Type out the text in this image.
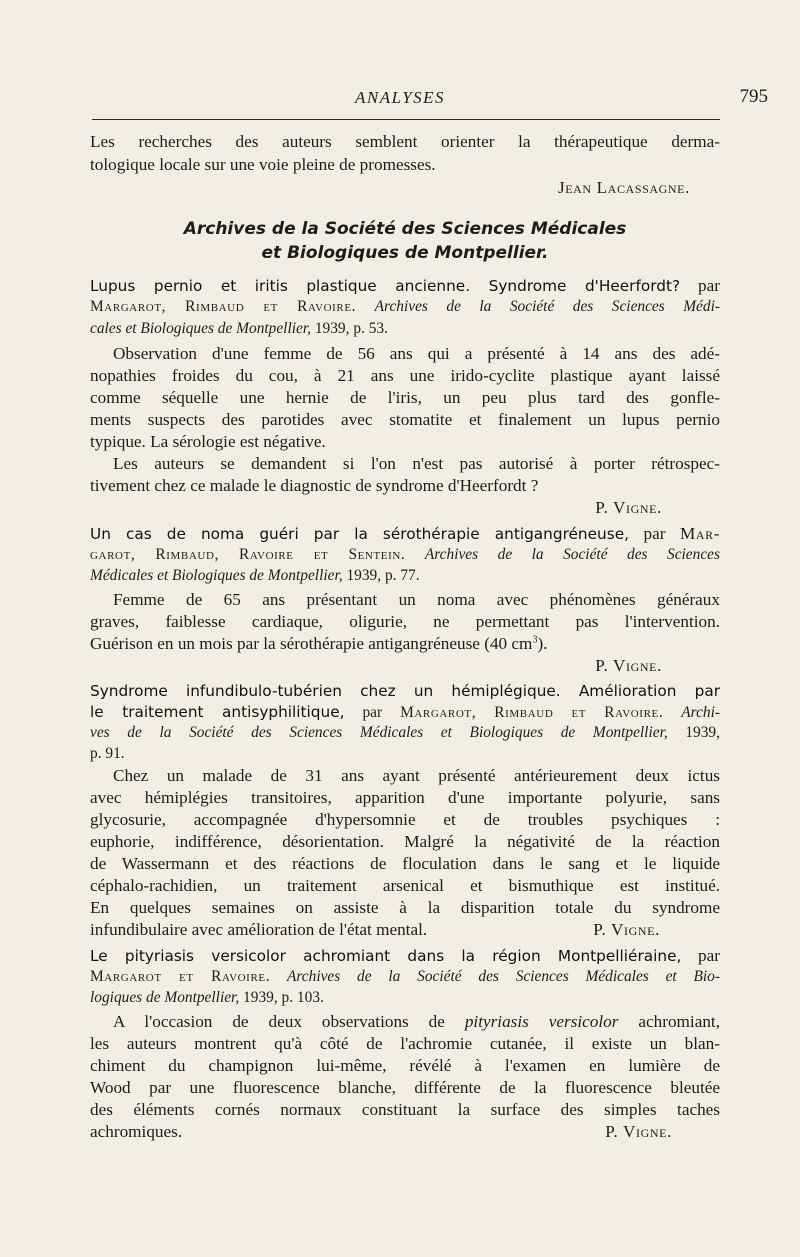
ANALYSES	795
Les recherches des auteurs semblent orienter la thérapeutique derma-
tologique locale sur une voie pleine de promesses.
Jean Lacassagne.
Archives de la Société des Sciences Médicales
et Biologiques de Montpellier.
Lupus pernio et iritis plastique ancienne. Syndrome d'Heerfordt? par
Margarot, Rimbaud et Ravoire. Archives de la Société des Sciences Médi-
cales et Biologiques de Montpellier, 1939, p. 53.
Observation d'une femme de 56 ans qui a présenté à 14 ans des adé-
nopathies froides du cou, à 21 ans une irido-cyclite plastique ayant laissé
comme séquelle une hernie de l'iris, un peu plus tard des gonfle-
ments suspects des parotides avec stomatite et finalement un lupus pernio
typique. La sérologie est négative.
Les auteurs se demandent si l'on n'est pas autorisé à porter rétrospec-
tivement chez ce malade le diagnostic de syndrome d'Heerfordt ?
P. Vigne.
Un cas de noma guéri par la sérothérapie antigangréneuse, par Mar-
garot, Rimbaud, Ravoire et Sentein. Archives de la Société des Sciences
Médicales et Biologiques de Montpellier, 1939, p. 77.
Femme de 65 ans présentant un noma avec phénomènes généraux
graves, faiblesse cardiaque, oligurie, ne permettant pas l'intervention.
Guérison en un mois par la sérothérapie antigangréneuse (40 $cm^3$).
P. Vigne.
Syndrome infundibulo-tubérien chez un hémiplégique. Amélioration par
le traitement antisyphilitique, par Margarot, Rimbaud et Ravoire. Archi-
ves de la Société des Sciences Médicales et Biologiques de Montpellier, 1939,
p. 91.
Chez un malade de 31 ans ayant présenté antérieurement deux ictus
avec hémiplégies transitoires, apparition d'une importante polyurie, sans
glycosurie, accompagnée d'hypersomnie et de troubles psychiques :
euphorie, indifférence, désorientation. Malgré la négativité de la réaction
de Wassermann et des réactions de floculation dans le sang et le liquide
céphalo-rachidien, un traitement arsenical et bismuthique est institué.
En quelques semaines on assiste à la disparition totale du syndrome
infundibulaire avec amélioration de l'état mental.	P. Vigne.
Le pityriasis versicolor achromiant dans la région Montpelliéraine, par
Margarot et Ravoire. Archives de la Société des Sciences Médicales et Bio-
logiques de Montpellier, 1939, p. 103.
A l'occasion de deux observations de pityriasis versicolor achromiant,
les auteurs montrent qu'à côté de l'achromie cutanée, il existe un blan-
chiment du champignon lui-même, révélé à l'examen en lumière de
Wood par une fluorescence blanche, différente de la fluorescence bleutée
des éléments cornés normaux constituant la surface des simples taches
achromiques.	P. Vigne.
